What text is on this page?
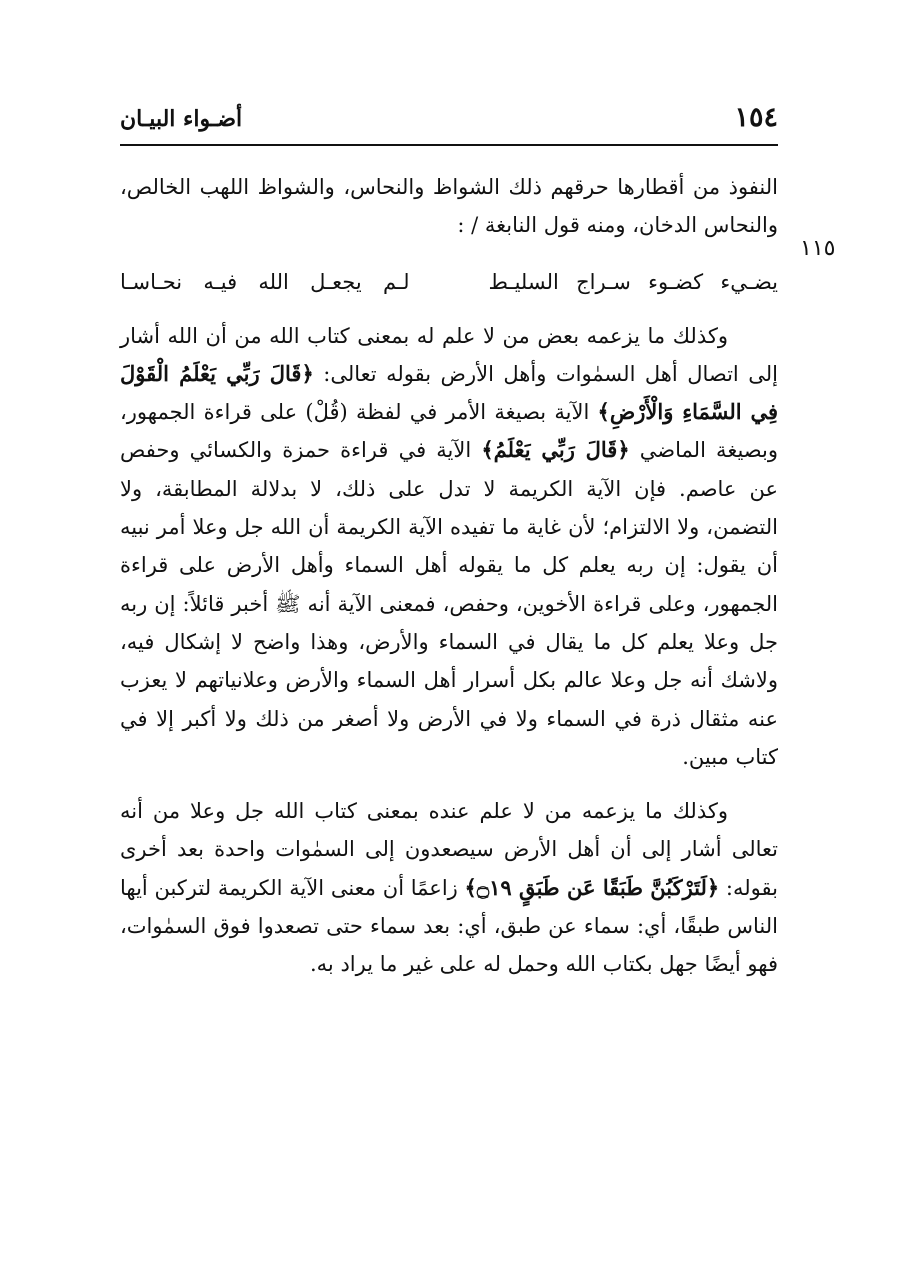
١٥٤
أضـواء البيـان
١١٥

النفوذ من أقطارها حرقهم ذلك الشواظ والنحاس، والشواظ اللهب الخالص، والنحاس الدخان، ومنه قول النابغة / :

يضـيء كضـوء سـراج السليـط
لـم يجعـل الله فيـه نحـاسـا

وكذلك ما يزعمه بعض من لا علم له بمعنى كتاب الله من أن الله أشار إلى اتصال أهل السمٰوات وأهل الأرض بقوله تعالى: ﴿قَالَ رَبِّي يَعْلَمُ الْقَوْلَ فِي السَّمَاءِ وَالْأَرْضِ﴾ الآية بصيغة الأمر في لفظة (قُلْ) على قراءة الجمهور، وبصيغة الماضي ﴿قَالَ رَبِّي يَعْلَمُ﴾ الآية في قراءة حمزة والكسائي وحفص عن عاصم. فإن الآية الكريمة لا تدل على ذلك، لا بدلالة المطابقة، ولا التضمن، ولا الالتزام؛ لأن غاية ما تفيده الآية الكريمة أن الله جل وعلا أمر نبيه أن يقول: إن ربه يعلم كل ما يقوله أهل السماء وأهل الأرض على قراءة الجمهور، وعلى قراءة الأخوين، وحفص، فمعنى الآية أنه ﷺ أخبر قائلاً: إن ربه جل وعلا يعلم كل ما يقال في السماء والأرض، وهذا واضح لا إشكال فيه، ولاشك أنه جل وعلا عالم بكل أسرار أهل السماء والأرض وعلانياتهم لا يعزب عنه مثقال ذرة في السماء ولا في الأرض ولا أصغر من ذلك ولا أكبر إلا في كتاب مبين.

وكذلك ما يزعمه من لا علم عنده بمعنى كتاب الله جل وعلا من أنه تعالى أشار إلى أن أهل الأرض سيصعدون إلى السمٰوات واحدة بعد أخرى بقوله: ﴿لَتَرْكَبُنَّ طَبَقًا عَن طَبَقٍ ۝١٩﴾ زاعمًا أن معنى الآية الكريمة لتركبن أيها الناس طبقًا، أي: سماء عن طبق، أي: بعد سماء حتى تصعدوا فوق السمٰوات، فهو أيضًا جهل بكتاب الله وحمل له على غير ما يراد به.
